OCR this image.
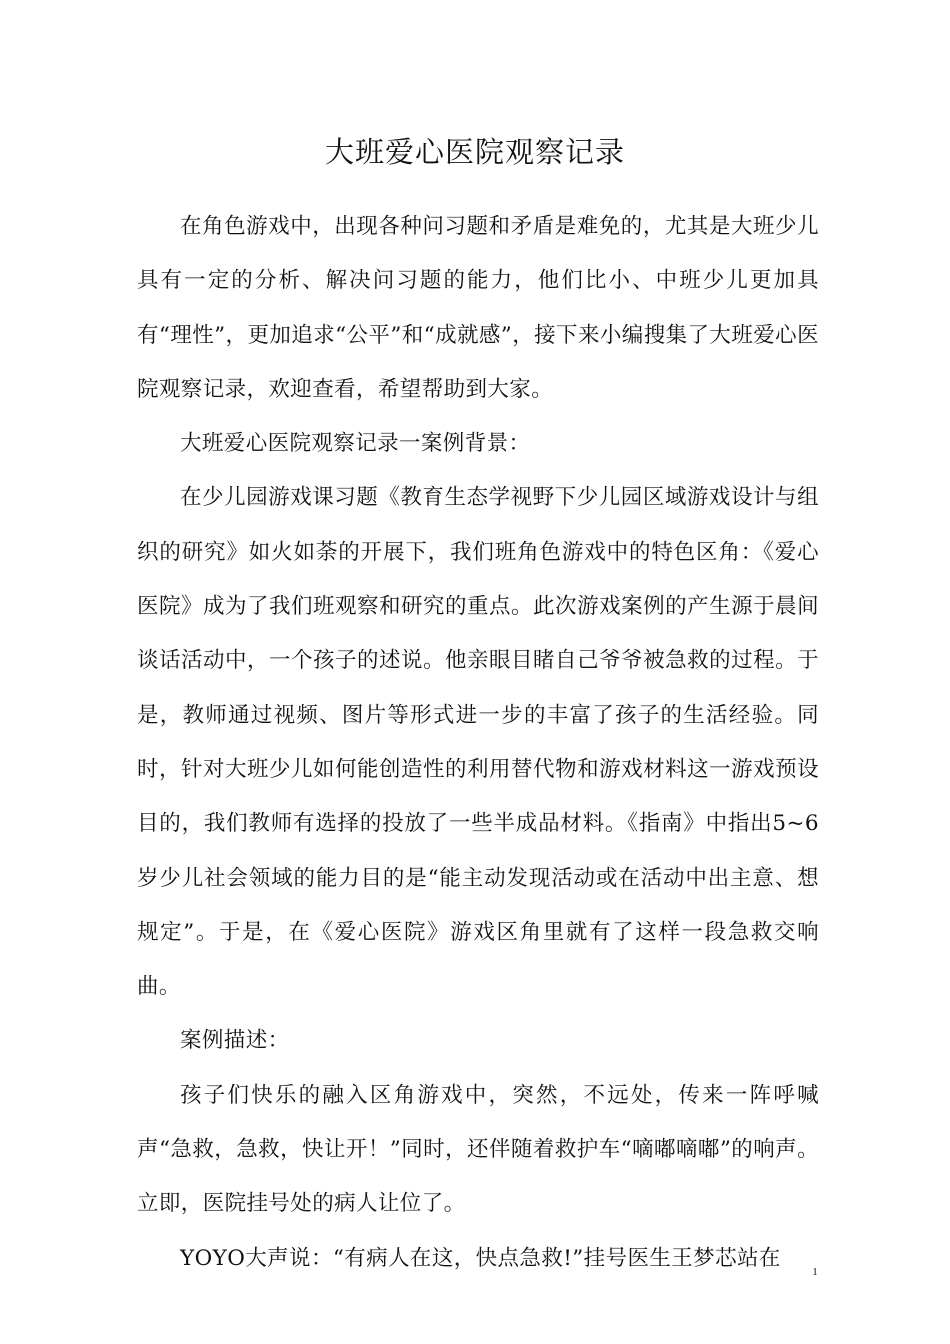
大班爱心医院观察记录

在角色游戏中，出现各种问习题和矛盾是难免的，尤其是大班少儿具有一定的分析、解决问习题的能力，他们比小、中班少儿更加具有“理性”，更加追求“公平”和“成就感”，接下来小编搜集了大班爱心医院观察记录，欢迎查看，希望帮助到大家。

大班爱心医院观察记录一案例背景：

在少儿园游戏课习题《教育生态学视野下少儿园区域游戏设计与组织的研究》如火如荼的开展下，我们班角色游戏中的特色区角：《爱心医院》成为了我们班观察和研究的重点。此次游戏案例的产生源于晨间谈话活动中，一个孩子的述说。他亲眼目睹自己爷爷被急救的过程。于是，教师通过视频、图片等形式进一步的丰富了孩子的生活经验。同时，针对大班少儿如何能创造性的利用替代物和游戏材料这一游戏预设目的，我们教师有选择的投放了一些半成品材料。《指南》中指出5~6岁少儿社会领域的能力目的是“能主动发现活动或在活动中出主意、想规定”。于是，在《爱心医院》游戏区角里就有了这样一段急救交响曲。

案例描述：

孩子们快乐的融入区角游戏中，突然，不远处，传来一阵呼喊声“急救，急救，快让开！”同时，还伴随着救护车“嘀嘟嘀嘟”的响声。立即，医院挂号处的病人让位了。

YOYO大声说：“有病人在这，快点急救!”挂号医生王梦芯站在

1
